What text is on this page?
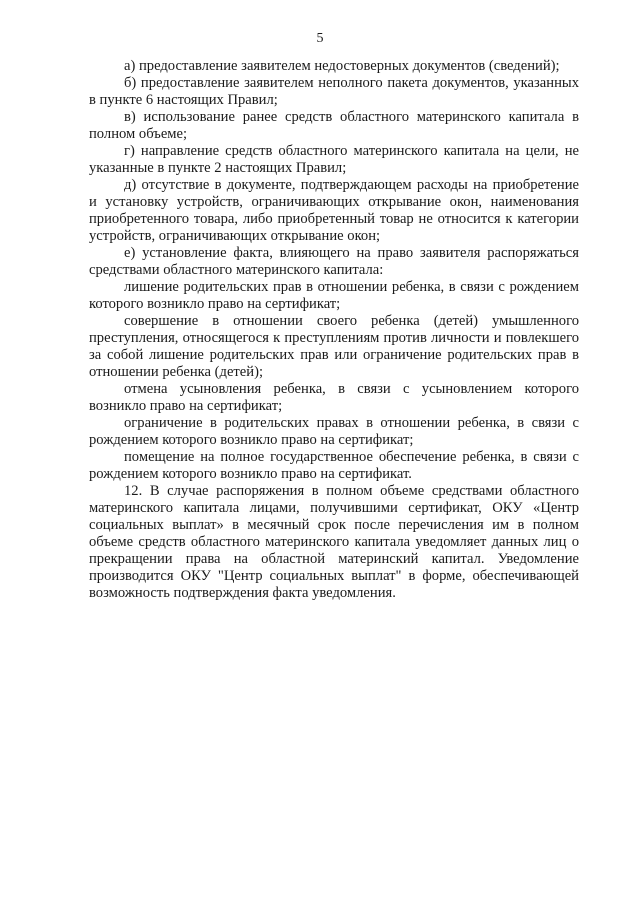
5

а) предоставление заявителем недостоверных документов (сведений);

б) предоставление заявителем неполного пакета документов, указанных в пункте 6 настоящих Правил;

в) использование ранее средств областного материнского капитала в полном объеме;

г) направление средств областного материнского капитала на цели, не указанные в пункте 2 настоящих Правил;

д) отсутствие в документе, подтверждающем расходы на приобретение и установку устройств, ограничивающих открывание окон, наименования приобретенного товара, либо приобретенный товар не относится к категории устройств, ограничивающих открывание окон;

е) установление факта, влияющего на право заявителя распоряжаться средствами областного материнского капитала:

лишение родительских прав в отношении ребенка, в связи с рождением которого возникло право на сертификат;

совершение в отношении своего ребенка (детей) умышленного преступления, относящегося к преступлениям против личности и повлекшего за собой лишение родительских прав или ограничение родительских прав в отношении ребенка (детей);

отмена усыновления ребенка, в связи с усыновлением которого возникло право на сертификат;

ограничение в родительских правах в отношении ребенка, в связи с рождением которого возникло право на сертификат;

помещение на полное государственное обеспечение ребенка, в связи с рождением которого возникло право на сертификат.

12. В случае распоряжения в полном объеме средствами областного материнского капитала лицами, получившими сертификат, ОКУ «Центр социальных выплат» в месячный срок после перечисления им в полном объеме средств областного материнского капитала уведомляет данных лиц о прекращении права на областной материнский капитал. Уведомление производится ОКУ "Центр социальных выплат" в форме, обеспечивающей возможность подтверждения факта уведомления.
